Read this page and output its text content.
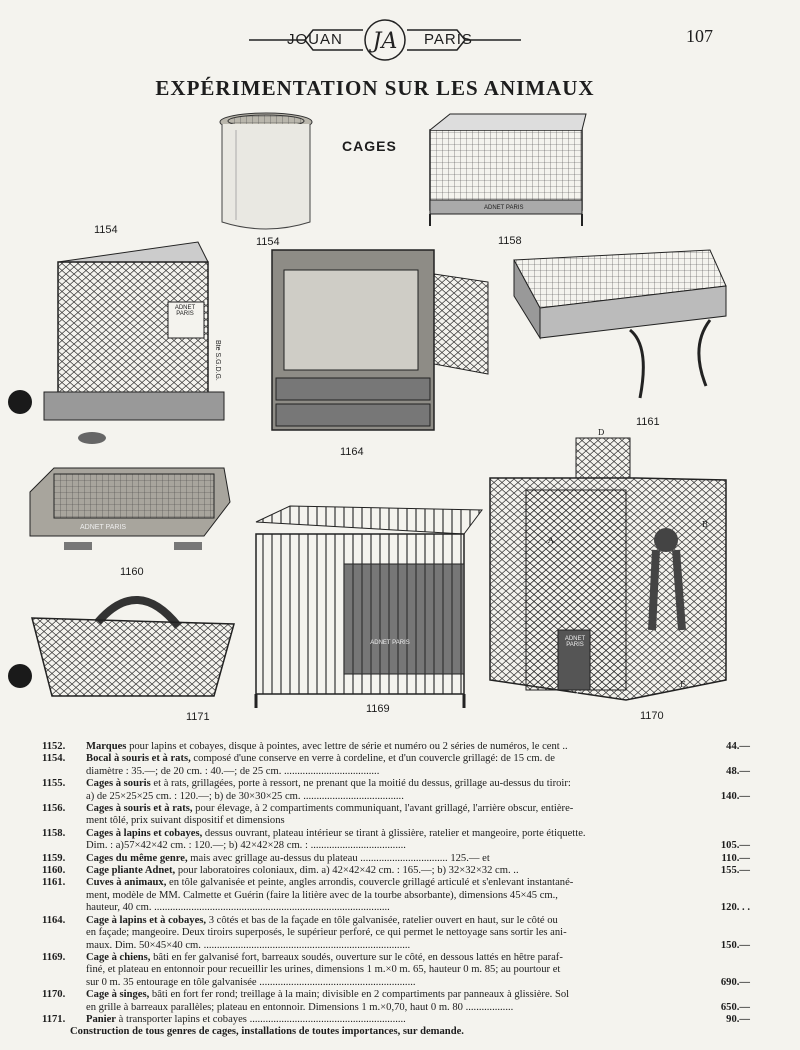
JA
JOUAN	PARIS	107
EXPÉRIMENTATION SUR LES ANIMAUX
CAGES
1154
ADNET PARIS
1158
1154
ADNET PARIS
Bte S.G.D.G.
1164
1161
ADNET PARIS
1160
ADNET PARIS
1169
1171
D
A
B
C
E
ADNET PARIS
1170
1152.	Marques pour lapins et cobayes, disque à pointes, avec lettre de série et numéro ou 2 séries de numéros, le cent ..	44.—
1154.	Bocal à souris et à rats, composé d'une conserve en verre à cordeline, et d'un couvercle grillagé: de 15 cm. de
diamètre : 35.—; de 20 cm. : 40.—; de 25 cm. ....................................	48.—
1155.	Cages à souris et à rats, grillagées, porte à ressort, ne prenant que la moitié du dessus, grillage au-dessus du tiroir:
a) de 25×25×25 cm. : 120.—; b) de 30×30×25 cm. ......................................	140.—
1156.	Cages à souris et à rats, pour élevage, à 2 compartiments communiquant, l'avant grillagé, l'arrière obscur, entière-
ment tôlé, prix suivant dispositif et dimensions
1158.	Cages à lapins et cobayes, dessus ouvrant, plateau intérieur se tirant à glissière, ratelier et mangeoire, porte étiquette.
Dim. : a)57×42×42 cm. : 120.—; b) 42×42×28 cm. : ....................................	105.—
1159.	Cages du même genre, mais avec grillage au-dessus du plateau ................................. 125.— et	110.—
1160.	Cage pliante Adnet, pour laboratoires coloniaux, dim. a) 42×42×42 cm. : 165.—; b) 32×32×32 cm. ..	155.—
1161.	Cuves à animaux, en tôle galvanisée et peinte, angles arrondis, couvercle grillagé articulé et s'enlevant instantané-
ment, modèle de MM. Calmette et Guérin (faire la litière avec de la tourbe absorbante), dimensions 45×45 cm.,
hauteur, 40 cm. .........................................................................................	120. . .
1164.	Cage à lapins et à cobayes, 3 côtés et bas de la façade en tôle galvanisée, ratelier ouvert en haut, sur le côté ou
en façade; mangeoire. Deux tiroirs superposés, le supérieur perforé, ce qui permet le nettoyage sans sortir les ani-
maux. Dim. 50×45×40 cm. ..............................................................................	150.—
1169.	Cage à chiens, bâti en fer galvanisé fort, barreaux soudés, ouverture sur le côté, en dessous lattés en hêtre paraf-
finé, et plateau en entonnoir pour recueillir les urines, dimensions 1 m.×0 m. 65, hauteur 0 m. 85; au pourtour et
sur 0 m. 35 entourage en tôle galvanisée ...........................................................	690.—
1170.	Cage à singes, bâti en fort fer rond; treillage à la main; divisible en 2 compartiments par panneaux à glissière. Sol
en grille à barreaux parallèles; plateau en entonnoir. Dimensions 1 m.×0,70, haut 0 m. 80 ..................	650.—
1171.	Panier à transporter lapins et cobayes ...........................................................	90.—
Construction de tous genres de cages, installations de toutes importances, sur demande.
